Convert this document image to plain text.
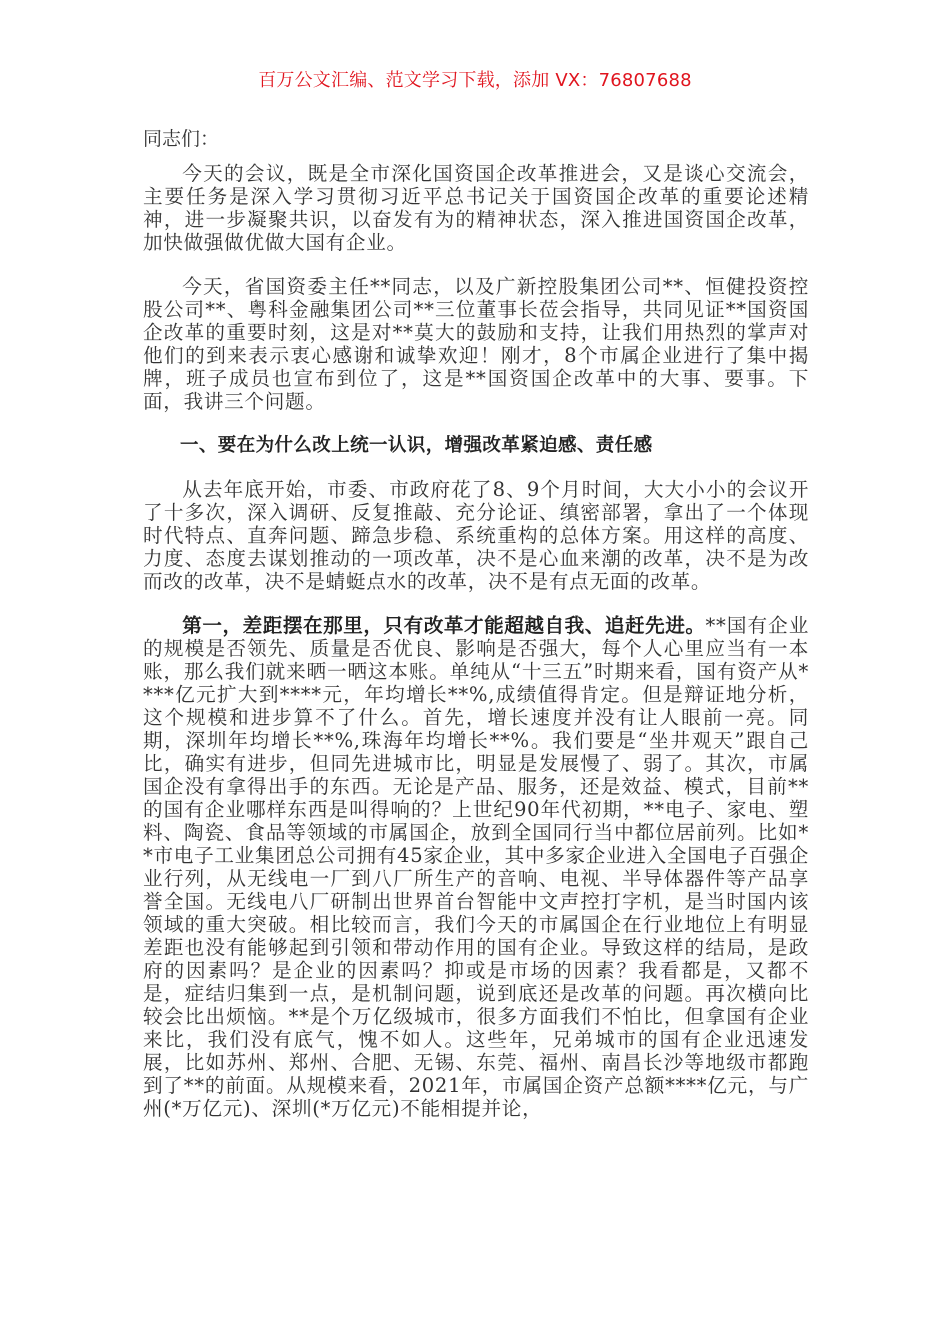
百万公文汇编、范文学习下载，添加 VX：76807688
同志们：

今天的会议，既是全市深化国资国企改革推进会，又是谈心交流会，主要任务是深入学习贯彻习近平总书记关于国资国企改革的重要论述精神，进一步凝聚共识，以奋发有为的精神状态，深入推进国资国企改革，加快做强做优做大国有企业。

今天，省国资委主任**同志，以及广新控股集团公司**、恒健投资控股公司**、粤科金融集团公司**三位董事长莅会指导，共同见证**国资国企改革的重要时刻，这是对**莫大的鼓励和支持，让我们用热烈的掌声对他们的到来表示衷心感谢和诚挚欢迎！刚才，8个市属企业进行了集中揭牌，班子成员也宣布到位了，这是**国资国企改革中的大事、要事。下面，我讲三个问题。

一、要在为什么改上统一认识，增强改革紧迫感、责任感

从去年底开始，市委、市政府花了8、9个月时间，大大小小的会议开了十多次，深入调研、反复推敲、充分论证、缜密部署，拿出了一个体现时代特点、直奔问题、蹄急步稳、系统重构的总体方案。用这样的高度、力度、态度去谋划推动的一项改革，决不是心血来潮的改革，决不是为改而改的改革，决不是蜻蜓点水的改革，决不是有点无面的改革。

第一，差距摆在那里，只有改革才能超越自我、追赶先进。**国有企业的规模是否领先、质量是否优良、影响是否强大，每个人心里应当有一本账，那么我们就来晒一晒这本账。单纯从“十三五”时期来看，国有资产从****亿元扩大到****元，年均增长**%,成绩值得肯定。但是辩证地分析，这个规模和进步算不了什么。首先，增长速度并没有让人眼前一亮。同期，深圳年均增长**%,珠海年均增长**%。我们要是“坐井观天”跟自己比，确实有进步，但同先进城市比，明显是发展慢了、弱了。其次，市属国企没有拿得出手的东西。无论是产品、服务，还是效益、模式，目前**的国有企业哪样东西是叫得响的？上世纪90年代初期，**电子、家电、塑料、陶瓷、食品等领域的市属国企，放到全国同行当中都位居前列。比如**市电子工业集团总公司拥有45家企业，其中多家企业进入全国电子百强企业行列，从无线电一厂到八厂所生产的音响、电视、半导体器件等产品享誉全国。无线电八厂研制出世界首台智能中文声控打字机，是当时国内该领域的重大突破。相比较而言，我们今天的市属国企在行业地位上有明显差距也没有能够起到引领和带动作用的国有企业。导致这样的结局，是政府的因素吗？是企业的因素吗？抑或是市场的因素？我看都是，又都不是，症结归集到一点，是机制问题，说到底还是改革的问题。再次横向比较会比出烦恼。**是个万亿级城市，很多方面我们不怕比，但拿国有企业来比，我们没有底气，愧不如人。这些年，兄弟城市的国有企业迅速发展，比如苏州、郑州、合肥、无锡、东莞、福州、南昌长沙等地级市都跑到了**的前面。从规模来看，2021年，市属国企资产总额****亿元，与广州(*万亿元)、深圳(*万亿元)不能相提并论，
